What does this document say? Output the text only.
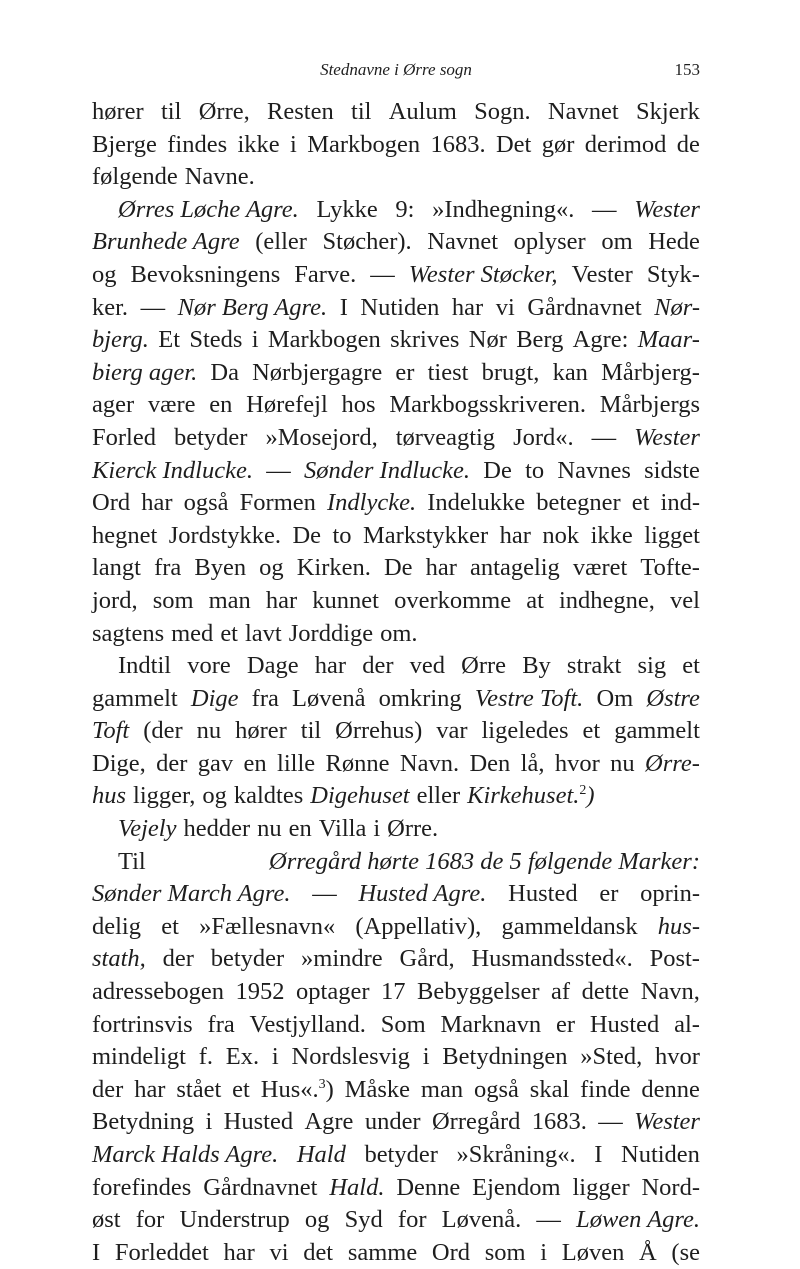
Stednavne i Ørre sogn	153
hører til Ørre, Resten til Aulum Sogn. Navnet Skjerk
Bjerge findes ikke i Markbogen 1683. Det gør derimod de
følgende Navne.
Ørres Løche Agre. Lykke 9: »Indhegning«. — Wester
Brunhede Agre (eller Støcher). Navnet oplyser om Hede
og Bevoksningens Farve. — Wester Støcker, Vester Styk-
ker. — Nør Berg Agre. I Nutiden har vi Gårdnavnet Nør-
bjerg. Et Steds i Markbogen skrives Nør Berg Agre: Maar-
bierg ager. Da Nørbjergagre er tiest brugt, kan Mårbjerg-
ager være en Hørefejl hos Markbogsskriveren. Mårbjergs
Forled betyder »Mosejord, tørveagtig Jord«. — Wester
Kierck Indlucke. — Sønder Indlucke. De to Navnes sidste
Ord har også Formen Indlycke. Indelukke betegner et ind-
hegnet Jordstykke. De to Markstykker har nok ikke ligget
langt fra Byen og Kirken. De har antagelig været Tofte-
jord, som man har kunnet overkomme at indhegne, vel
sagtens med et lavt Jorddige om.
Indtil vore Dage har der ved Ørre By strakt sig et
gammelt Dige fra Løvenå omkring Vestre Toft. Om Østre
Toft (der nu hører til Ørrehus) var ligeledes et gammelt
Dige, der gav en lille Rønne Navn. Den lå, hvor nu Ørre-
hus ligger, og kaldtes Digehuset eller Kirkehuset.$^2$)
Vejely hedder nu en Villa i Ørre.
Til	Ørregård hørte 1683 de 5 følgende Marker:
Sønder March Agre. — Husted Agre. Husted er oprin-
delig et »Fællesnavn« (Appellativ), gammeldansk hus-
stath, der betyder »mindre Gård, Husmandssted«. Post-
adressebogen 1952 optager 17 Bebyggelser af dette Navn,
fortrinsvis fra Vestjylland. Som Marknavn er Husted al-
mindeligt f. Ex. i Nordslesvig i Betydningen »Sted, hvor
der har stået et Hus«.$^3$) Måske man også skal finde denne
Betydning i Husted Agre under Ørregård 1683. — Wester
Marck Halds Agre. Hald betyder »Skråning«. I Nutiden
forefindes Gårdnavnet Hald. Denne Ejendom ligger Nord-
øst for Understrup og Syd for Løvenå. — Løwen Agre.
I Forleddet har vi det samme Ord som i Løven Å (se
